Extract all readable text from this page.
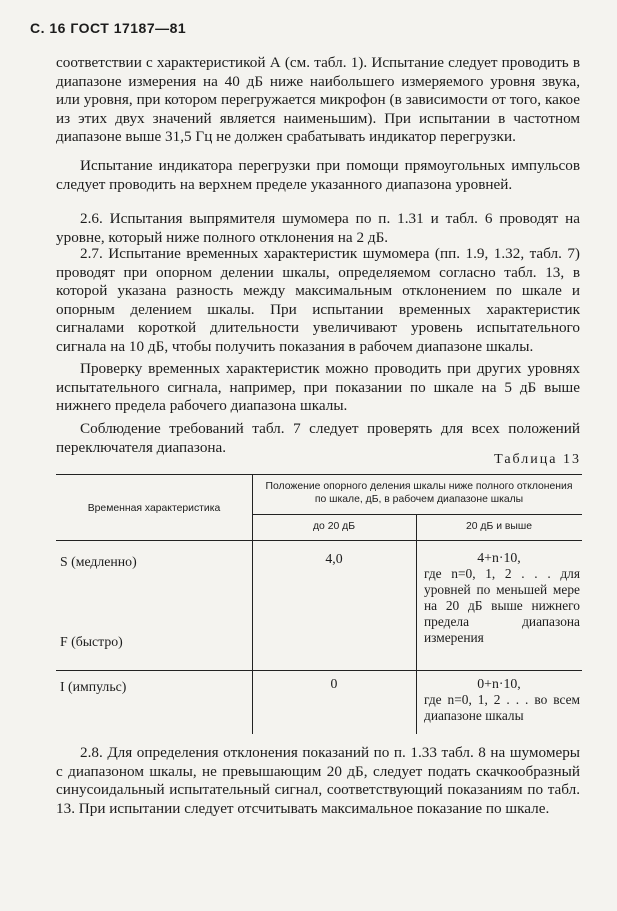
С. 16 ГОСТ 17187—81

соответствии с характеристикой А (см. табл. 1). Испытание следует проводить в диапазоне измерения на 40 дБ ниже наибольшего измеряемого уровня звука, или уровня, при котором перегружается микрофон (в зависимости от того, какое из этих двух значений является наименьшим). При испытании в частотном диапазоне выше 31,5 Гц не должен срабатывать индикатор перегрузки.

Испытание индикатора перегрузки при помощи прямоугольных импульсов следует проводить на верхнем пределе указанного диапазона уровней.

2.6. Испытания выпрямителя шумомера по п. 1.31 и табл. 6 проводят на уровне, который ниже полного отклонения на 2 дБ.

2.7. Испытание временных характеристик шумомера (пп. 1.9, 1.32, табл. 7) проводят при опорном делении шкалы, определяемом согласно табл. 13, в которой указана разность между максимальным отклонением по шкале и опорным делением шкалы. При испытании временных характеристик сигналами короткой длительности увеличивают уровень испытательного сигнала на 10 дБ, чтобы получить показания в рабочем диапазоне шкалы.

Проверку временных характеристик можно проводить при других уровнях испытательного сигнала, например, при показании по шкале на 5 дБ выше нижнего предела рабочего диапазона шкалы.

Соблюдение требований табл. 7 следует проверять для всех положений переключателя диапазона.

Таблица 13
Временная характеристика
Положение опорного деления шкалы ниже полного отклонения по шкале, дБ, в рабочем диапазоне шкалы
до 20 дБ	20 дБ и выше
S (медленно)	4,0	4+n·10,
где n=0, 1, 2 . . . для уровней по меньшей мере на 20 дБ выше нижнего предела диапазона измерения
F (быстро)
I (импульс)	0	0+n·10,
где n=0, 1, 2 . . . во всем диапазоне шкалы

2.8. Для определения отклонения показаний по п. 1.33 табл. 8 на шумомеры с диапазоном шкалы, не превышающим 20 дБ, следует подать скачкообразный синусоидальный испытательный сигнал, соответствующий показаниям по табл. 13. При испытании следует отсчитывать максимальное показание по шкале.
